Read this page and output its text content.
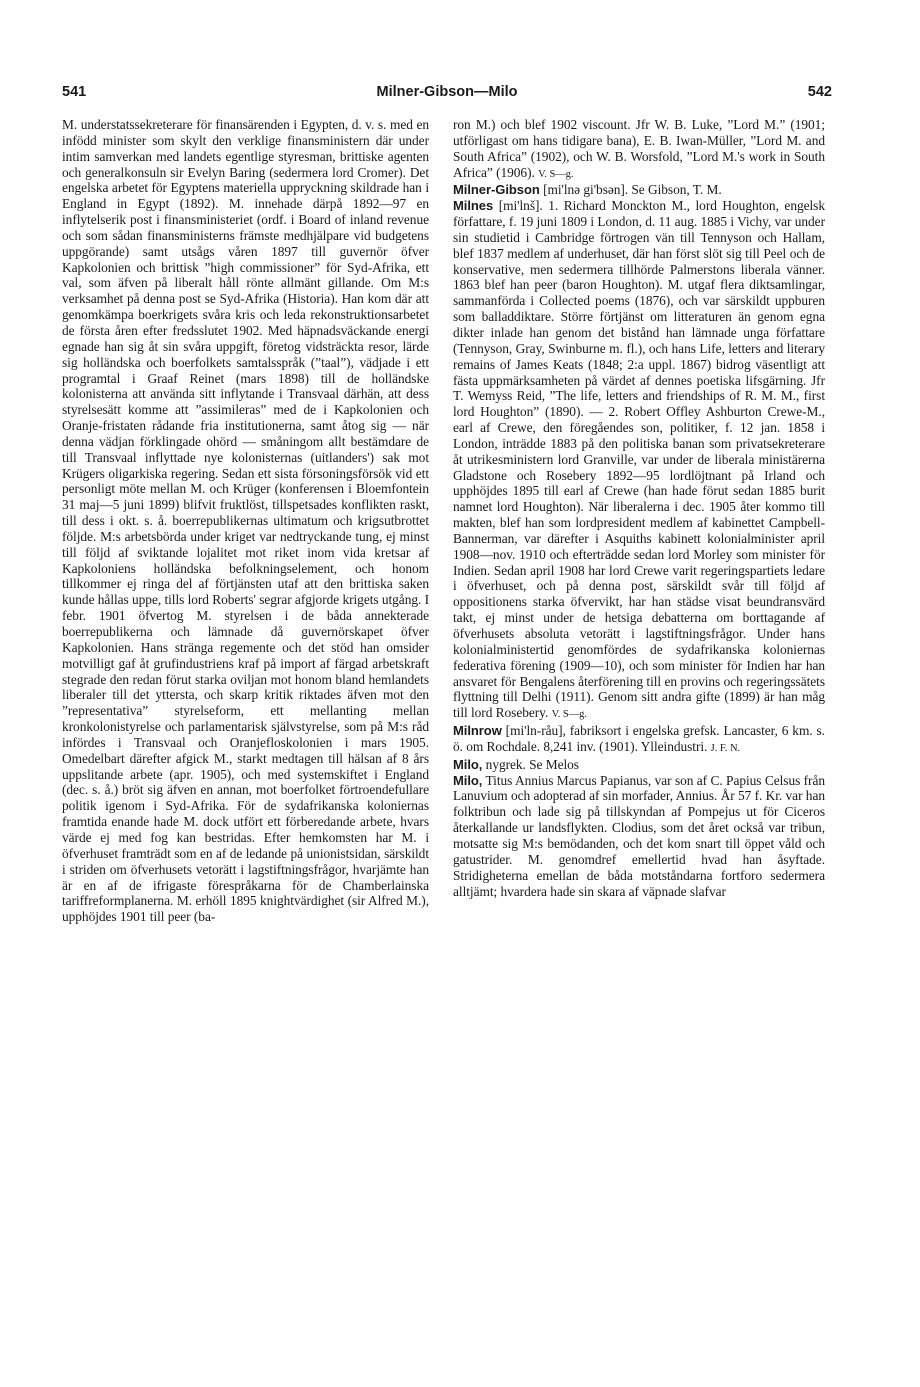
541	Milner-Gibson—Milo	542

M. understatssekreterare för finansärenden i Egypten, d. v. s. med en infödd minister som skylt den verklige finansministern där under intim samverkan med landets egentlige styresman, brittiske agenten och generalkonsuln sir Evelyn Baring (sedermera lord Cromer). Det engelska arbetet för Egyptens materiella uppryckning skildrade han i England in Egypt (1892). M. innehade därpå 1892—97 en inflytelserik post i finansministeriet (ordf. i Board of inland revenue och som sådan finansministerns främste medhjälpare vid budgetens uppgörande) samt utsågs våren 1897 till guvernör öfver Kapkolonien och brittisk ”high commissioner” för Syd-Afrika, ett val, som äfven på liberalt håll rönte allmänt gillande. Om M:s verksamhet på denna post se Syd-Afrika (Historia). Han kom där att genomkämpa boerkrigets svåra kris och leda rekonstruktionsarbetet de första åren efter fredsslutet 1902. Med häpnadsväckande energi egnade han sig åt sin svåra uppgift, företog vidsträckta resor, lärde sig holländska och boerfolkets samtalsspråk (”taal”), vädjade i ett programtal i Graaf Reinet (mars 1898) till de holländske kolonisterna att använda sitt inflytande i Transvaal därhän, att dess styrelsesätt komme att ”assimileras” med de i Kapkolonien och Oranje-fristaten rådande fria institutionerna, samt åtog sig — när denna vädjan förklingade ohörd — småningom allt bestämdare de till Transvaal inflyttade nye kolonisternas (uitlanders') sak mot Krügers oligarkiska regering. Sedan ett sista försoningsförsök vid ett personligt möte mellan M. och Krüger (konferensen i Bloemfontein 31 maj—5 juni 1899) blifvit fruktlöst, tillspetsades konflikten raskt, till dess i okt. s. å. boerrepublikernas ultimatum och krigsutbrottet följde. M:s arbetsbörda under kriget var nedtryckande tung, ej minst till följd af sviktande lojalitet mot riket inom vida kretsar af Kapkoloniens holländska befolkningselement, och honom tillkommer ej ringa del af förtjänsten utaf att den brittiska saken kunde hållas uppe, tills lord Roberts' segrar afgjorde krigets utgång. I febr. 1901 öfvertog M. styrelsen i de båda annekterade boerrepublikerna och lämnade då guvernörskapet öfver Kapkolonien. Hans stränga regemente och det stöd han omsider motvilligt gaf åt grufindustriens kraf på import af färgad arbetskraft stegrade den redan förut starka oviljan mot honom bland hemlandets liberaler till det yttersta, och skarp kritik riktades äfven mot den ”representativa” styrelseform, ett mellanting mellan kronkolonistyrelse och parlamentarisk självstyrelse, som på M:s råd infördes i Transvaal och Oranjefloskolonien i mars 1905. Omedelbart därefter afgick M., starkt medtagen till hälsan af 8 års uppslitande arbete (apr. 1905), och med systemskiftet i England (dec. s. å.) bröt sig äfven en annan, mot boerfolket förtroendefullare politik igenom i Syd-Afrika. För de sydafrikanska koloniernas framtida enande hade M. dock utfört ett förberedande arbete, hvars värde ej med fog kan bestridas. Efter hemkomsten har M. i öfverhuset framträdt som en af de ledande på unionistsidan, särskildt i striden om öfverhusets vetorätt i lagstiftningsfrågor, hvarjämte han är en af de ifrigaste förespråkarna för de Chamberlainska tariffreformplanerna. M. erhöll 1895 knightvärdighet (sir Alfred M.), upphöjdes 1901 till peer (ba-

ron M.) och blef 1902 viscount. Jfr W. B. Luke, ”Lord M.” (1901; utförligast om hans tidigare bana), E. B. Iwan-Müller, ”Lord M. and South Africa” (1902), och W. B. Worsfold, ”Lord M.'s work in South Africa” (1906). V. S—g.

Milner-Gibson [mi'lnə gi'bsən]. Se Gibson, T. M.

Milnes [mi'lnš]. 1. Richard Monckton M., lord Houghton, engelsk författare, f. 19 juni 1809 i London, d. 11 aug. 1885 i Vichy, var under sin studietid i Cambridge förtrogen vän till Tennyson och Hallam, blef 1837 medlem af underhuset, där han först slöt sig till Peel och de konservative, men sedermera tillhörde Palmerstons liberala vänner. 1863 blef han peer (baron Houghton). M. utgaf flera diktsamlingar, sammanförda i Collected poems (1876), och var särskildt uppburen som balladdiktare. Större förtjänst om litteraturen än genom egna dikter inlade han genom det bistånd han lämnade unga författare (Tennyson, Gray, Swinburne m. fl.), och hans Life, letters and literary remains of James Keats (1848; 2:a uppl. 1867) bidrog väsentligt att fästa uppmärksamheten på värdet af dennes poetiska lifsgärning. Jfr T. Wemyss Reid, ”The life, letters and friendships of R. M. M., first lord Houghton” (1890). — 2. Robert Offley Ashburton Crewe-M., earl af Crewe, den föregåendes son, politiker, f. 12 jan. 1858 i London, inträdde 1883 på den politiska banan som privatsekreterare åt utrikesministern lord Granville, var under de liberala ministärerna Gladstone och Rosebery 1892—95 lordlöjtnant på Irland och upphöjdes 1895 till earl af Crewe (han hade förut sedan 1885 burit namnet lord Houghton). När liberalerna i dec. 1905 åter kommo till makten, blef han som lordpresident medlem af kabinettet Campbell-Bannerman, var därefter i Asquiths kabinett kolonialminister april 1908—nov. 1910 och efterträdde sedan lord Morley som minister för Indien. Sedan april 1908 har lord Crewe varit regeringspartiets ledare i öfverhuset, och på denna post, särskildt svår till följd af oppositionens starka öfvervikt, har han städse visat beundransvärd takt, ej minst under de hetsiga debatterna om borttagande af öfverhusets absoluta vetorätt i lagstiftningsfrågor. Under hans kolonialministertid genomfördes de sydafrikanska koloniernas federativa förening (1909—10), och som minister för Indien har han ansvaret för Bengalens återförening till en provins och regeringssätets flyttning till Delhi (1911). Genom sitt andra gifte (1899) är han måg till lord Rosebery. V. S—g.

Milnrow [mi'ln-råu], fabriksort i engelska grefsk. Lancaster, 6 km. s. ö. om Rochdale. 8,241 inv. (1901). Ylleindustri. J. F. N.

Milo, nygrek. Se Melos

Milo, Titus Annius Marcus Papianus, var son af C. Papius Celsus från Lanuvium och adopterad af sin morfader, Annius. År 57 f. Kr. var han folktribun och lade sig på tillskyndan af Pompejus ut för Ciceros återkallande ur landsflykten. Clodius, som det året också var tribun, motsatte sig M:s bemödanden, och det kom snart till öppet våld och gatustrider. M. genomdref emellertid hvad han åsyftade. Stridigheterna emellan de båda motståndarna fortforo sedermera alltjämt; hvardera hade sin skara af väpnade slafvar
